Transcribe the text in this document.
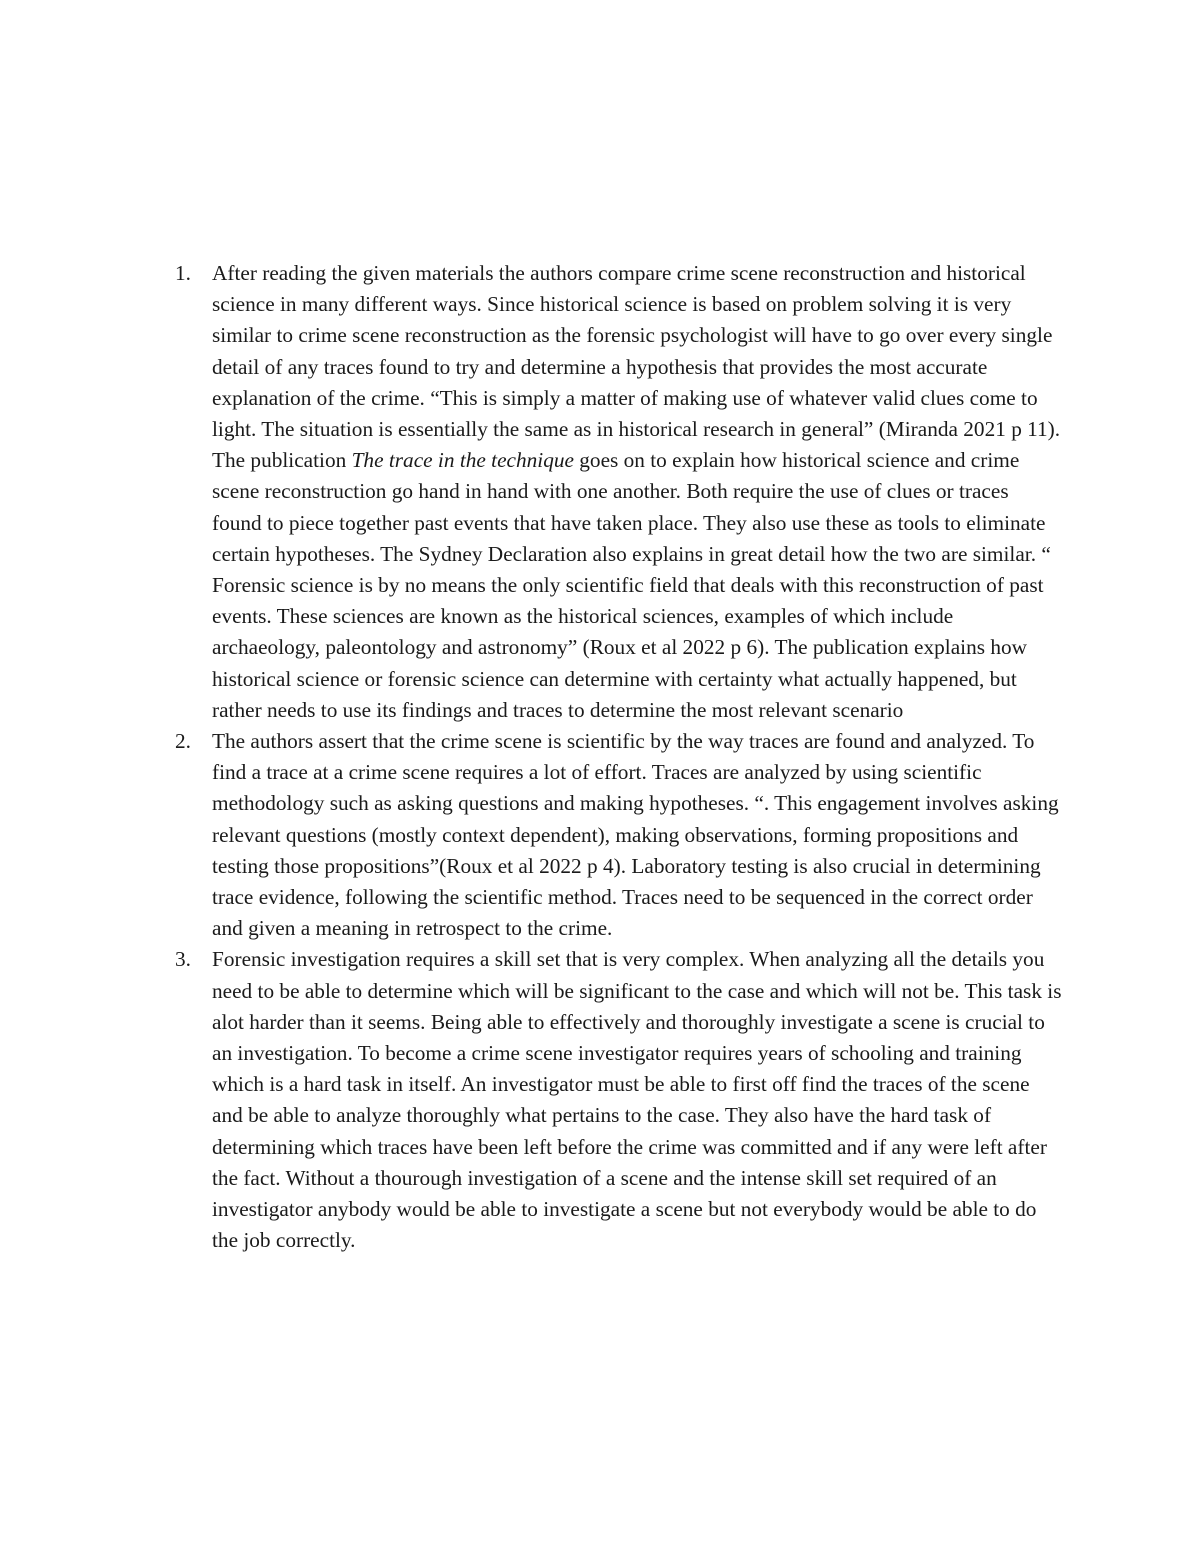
1. After reading the given materials the authors compare crime scene reconstruction and historical science in many different ways. Since historical science is based on problem solving it is very similar to crime scene reconstruction as the forensic psychologist will have to go over every single detail of any traces found to try and determine a hypothesis that provides the most accurate explanation of the crime. “This is simply a matter of making use of whatever valid clues come to light. The situation is essentially the same as in historical research in general” (Miranda 2021 p 11). The publication The trace in the technique goes on to explain how historical science and crime scene reconstruction go hand in hand with one another. Both require the use of clues or traces found to piece together past events that have taken place. They also use these as tools to eliminate certain hypotheses. The Sydney Declaration also explains in great detail how the two are similar. “ Forensic science is by no means the only scientific field that deals with this reconstruction of past events. These sciences are known as the historical sciences, examples of which include archaeology, paleontology and astronomy” (Roux et al 2022 p 6). The publication explains how historical science or forensic science can determine with certainty what actually happened, but rather needs to use its findings and traces to determine the most relevant scenario
2. The authors assert that the crime scene is scientific by the way traces are found and analyzed. To find a trace at a crime scene requires a lot of effort. Traces are analyzed by using scientific methodology such as asking questions and making hypotheses. “. This engagement involves asking relevant questions (mostly context dependent), making observations, forming propositions and testing those propositions”(Roux et al 2022 p 4). Laboratory testing is also crucial in determining trace evidence, following the scientific method. Traces need to be sequenced in the correct order and given a meaning in retrospect to the crime.
3. Forensic investigation requires a skill set that is very complex. When analyzing all the details you need to be able to determine which will be significant to the case and which will not be. This task is alot harder than it seems. Being able to effectively and thoroughly investigate a scene is crucial to an investigation. To become a crime scene investigator requires years of schooling and training which is a hard task in itself. An investigator must be able to first off find the traces of the scene and be able to analyze thoroughly what pertains to the case. They also have the hard task of determining which traces have been left before the crime was committed and if any were left after the fact. Without a thourough investigation of a scene and the intense skill set required of an investigator anybody would be able to investigate a scene but not everybody would be able to do the job correctly.
